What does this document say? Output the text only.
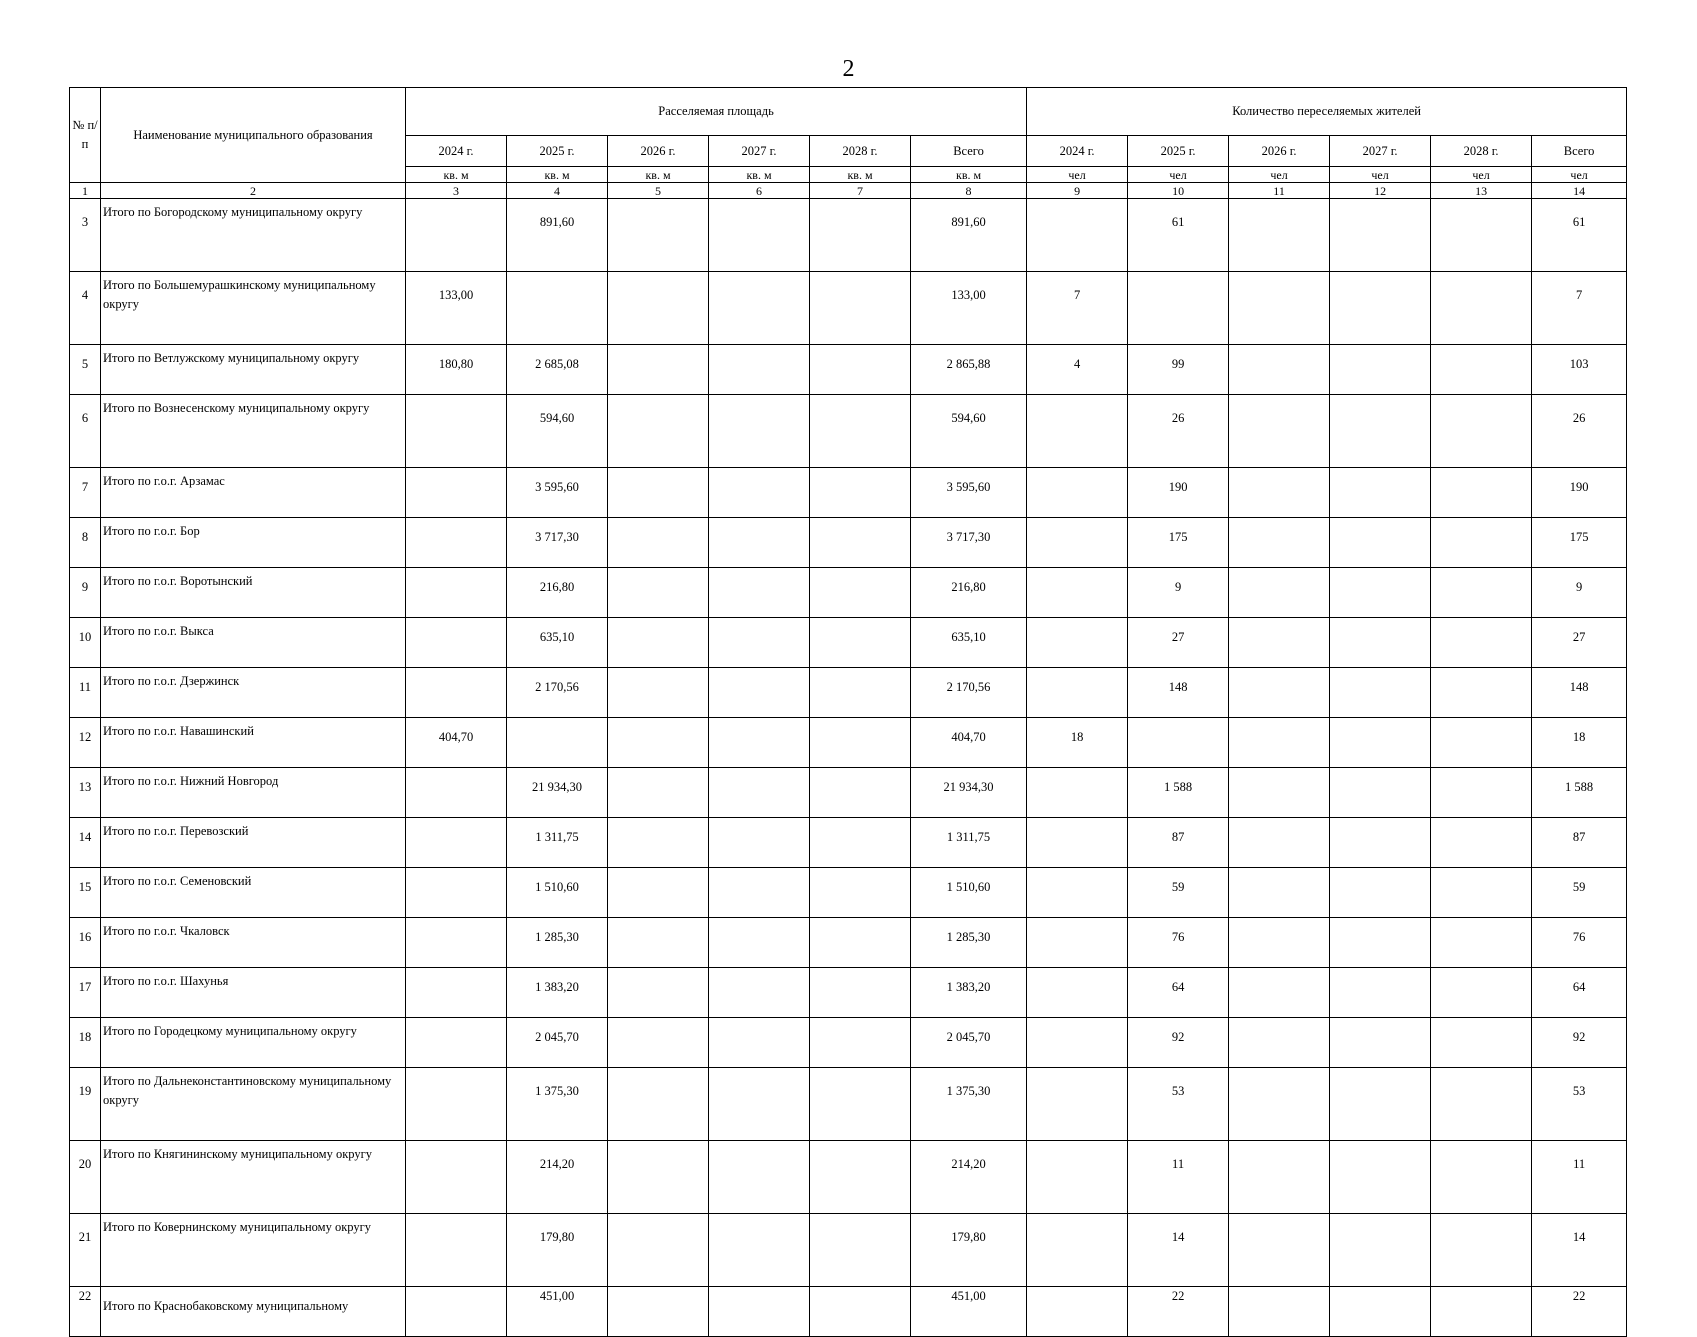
2
№ п/п	Наименование муниципального образования	Расселяемая площадь						Количество переселяемых жителей					
		2024 г.	2025 г.	2026 г.	2027 г.	2028 г.	Всего	2024 г.	2025 г.	2026 г.	2027 г.	2028 г.	Всего
		кв. м	кв. м	кв. м	кв. м	кв. м	кв. м	чел	чел	чел	чел	чел	чел
1	2	3	4	5	6	7	8	9	10	11	12	13	14
3	Итого по Богородскому муниципальному округу		891,60				891,60		61				61
4	Итого по Большемурашкинскому муниципальному округу	133,00					133,00	7					7
5	Итого по Ветлужскому муниципальному округу	180,80	2 685,08				2 865,88	4	99				103
6	Итого по Вознесенскому муниципальному округу		594,60				594,60		26				26
7	Итого по г.о.г. Арзамас		3 595,60				3 595,60		190				190
8	Итого по г.о.г. Бор		3 717,30				3 717,30		175				175
9	Итого по г.о.г. Воротынский		216,80				216,80		9				9
10	Итого по г.о.г. Выкса		635,10				635,10		27				27
11	Итого по г.о.г. Дзержинск		2 170,56				2 170,56		148				148
12	Итого по г.о.г. Навашинский	404,70					404,70	18					18
13	Итого по г.о.г. Нижний Новгород		21 934,30				21 934,30		1 588				1 588
14	Итого по г.о.г. Перевозский		1 311,75				1 311,75		87				87
15	Итого по г.о.г. Семеновский		1 510,60				1 510,60		59				59
16	Итого по г.о.г. Чкаловск		1 285,30				1 285,30		76				76
17	Итого по г.о.г. Шахунья		1 383,20				1 383,20		64				64
18	Итого по Городецкому муниципальному округу		2 045,70				2 045,70		92				92
19	Итого по Дальнеконстантиновскому муниципальному округу		1 375,30				1 375,30		53				53
20	Итого по Княгининскому муниципальному округу		214,20				214,20		11				11
21	Итого по Ковернинскому муниципальному округу		179,80				179,80		14				14
22	Итого по Краснобаковскому муниципальному		451,00				451,00		22				22
